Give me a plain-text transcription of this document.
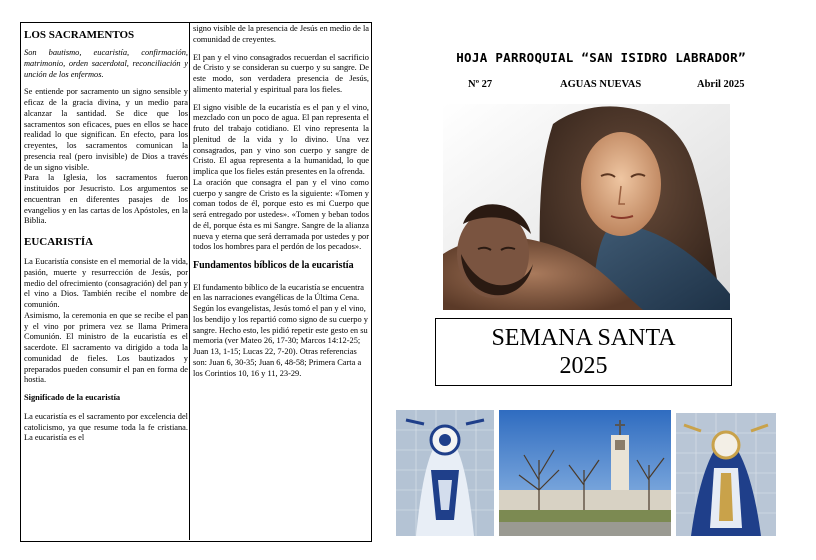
LOS SACRAMENTOS

Son bautismo, eucaristía, confirmación, matrimonio, orden sacerdotal, reconciliación y unción de los enfermos.

Se entiende por sacramento un signo sensible y eficaz de la gracia divina, y un medio para alcanzar la santidad. Se dice que los sacramentos son eficaces, pues en ellos se hace realidad lo que significan. En efecto, para los creyentes, los sacramentos comunican la presencia real (pero invisible) de Dios a través de un signo visible.

Para la Iglesia, los sacramentos fueron instituidos por Jesucristo. Los argumentos se encuentran en diferentes pasajes de los evangelios y en las cartas de los Apóstoles, en la Biblia.

EUCARISTÍA

La Eucaristía consiste en el memorial de la vida, pasión, muerte y resurrección de Jesús, por medio del ofrecimiento (consagración) del pan y el vino a Dios. También recibe el nombre de comunión.

Asimismo, la ceremonia en que se recibe el pan y el vino por primera vez se llama Primera Comunión. El ministro de la eucaristía es el sacerdote. El sacramento va dirigido a toda la comunidad de fieles. Los bautizados y preparados pueden consumir el pan en forma de hostia.

Significado de la eucaristía

La eucaristía es el sacramento por excelencia del catolicismo, ya que resume toda la fe cristiana. La eucaristía es el

signo visible de la presencia de Jesús en medio de la comunidad de creyentes.

El pan y el vino consagrados recuerdan el sacrificio de Cristo y se consideran su cuerpo y su sangre. De este modo, son verdadera presencia de Jesús, alimento material y espiritual para los fieles.

El signo visible de la eucaristía es el pan y el vino, mezclado con un poco de agua. El pan representa el fruto del trabajo cotidiano. El vino representa la plenitud de la vida y lo divino. Una vez consagrados, pan y vino son cuerpo y sangre de Cristo. El agua representa a la humanidad, lo que implica que los fieles están presentes en la ofrenda.

La oración que consagra el pan y el vino como cuerpo y sangre de Cristo es la siguiente: «Tomen y coman todos de él, porque esto es mi Cuerpo que será entregado por ustedes». «Tomen y beban todos de él, porque ésta es mi Sangre. Sangre de la alianza nueva y eterna que será derramada por ustedes y por todos los hombres para el perdón de los pecados».

Fundamentos bíblicos de la eucaristía

El fundamento bíblico de la eucaristía se encuentra en las narraciones evangélicas de la Última Cena. Según los evangelistas, Jesús tomó el pan y el vino, los bendijo y los repartió como signo de su cuerpo y sangre. Hecho esto, les pidió repetir este gesto en su memoria (ver Mateo 26, 17-30; Marcos 14:12-25; Juan 13, 1-15; Lucas 22, 7-20). Otras referencias son: Juan 6, 30-35; Juan 6, 48-58; Primera Carta a los Corintios 10, 16 y 11, 23-29.

HOJA PARROQUIAL “SAN ISIDRO LABRADOR”
Nº 27	AGUAS NUEVAS	Abril 2025
SEMANA SANTA
2025
